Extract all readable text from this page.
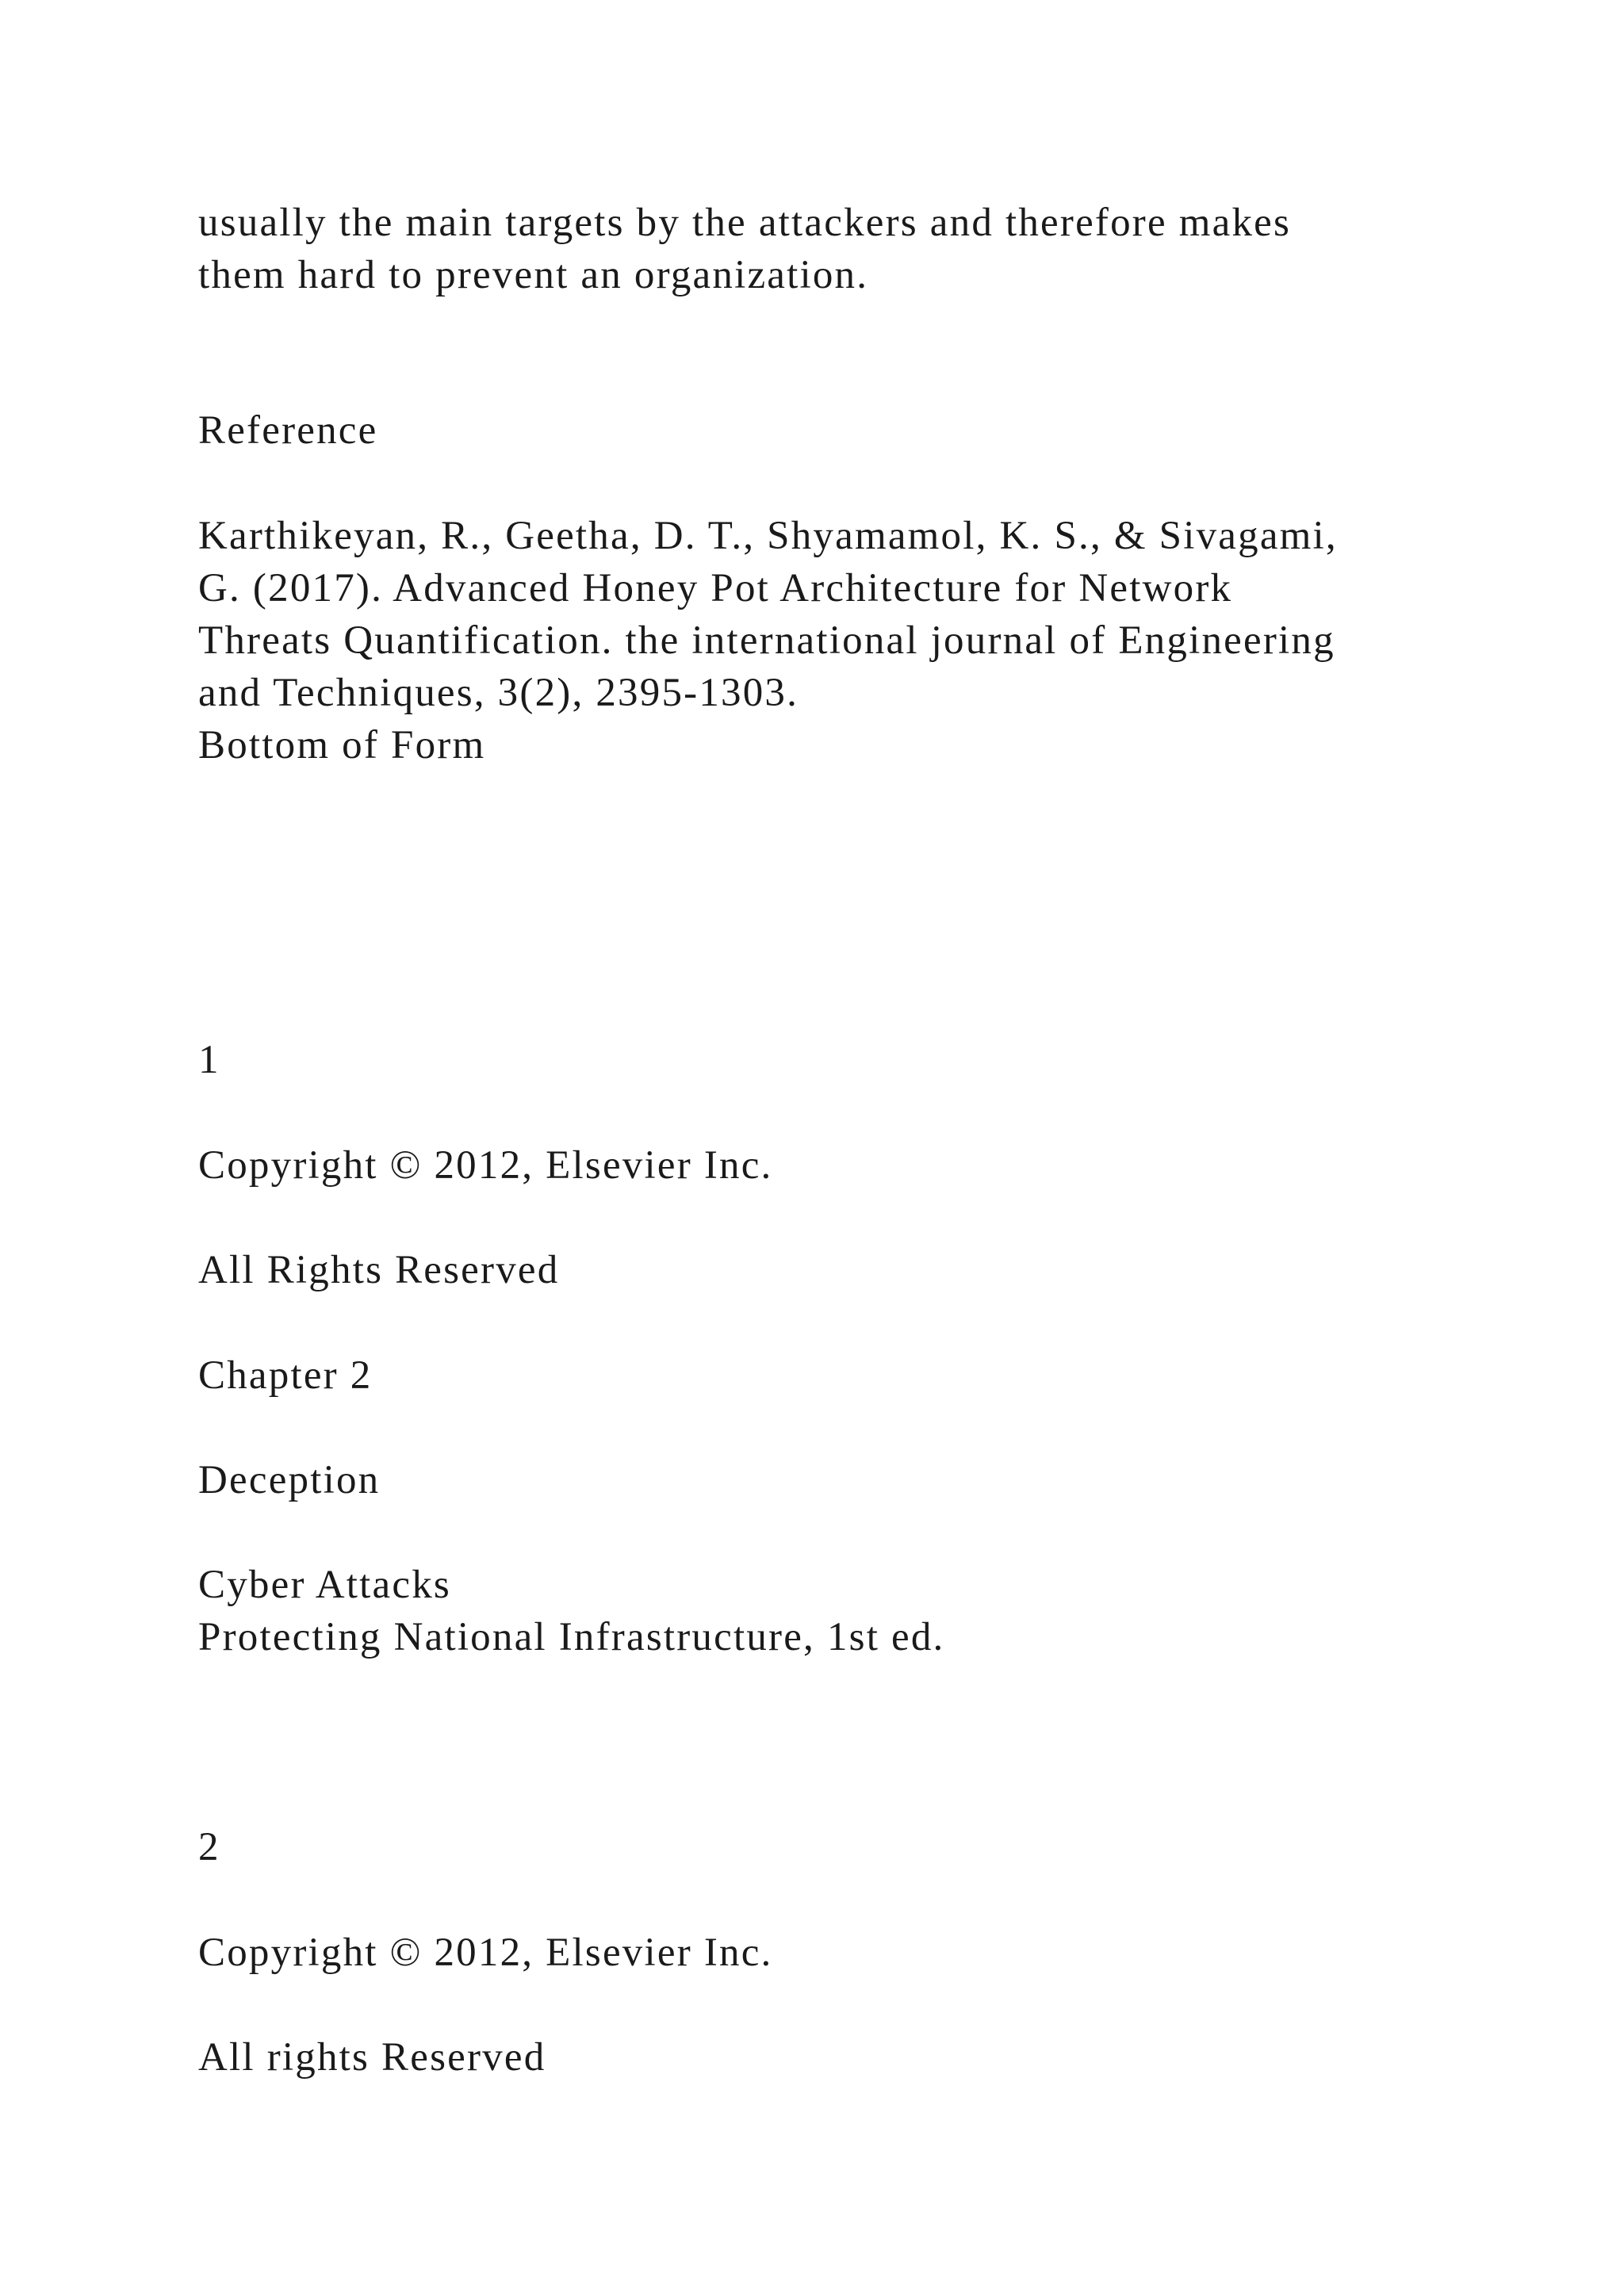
usually the main targets by the attackers and therefore makes

them hard to prevent an organization.

Reference

Karthikeyan, R., Geetha, D. T., Shyamamol, K. S., & Sivagami,

G. (2017). Advanced Honey Pot Architecture for Network

Threats Quantification. the international journal of Engineering

and Techniques, 3(2), 2395-1303.

Bottom of Form

1

Copyright © 2012, Elsevier Inc.

All Rights Reserved

Chapter 2

Deception

Cyber Attacks

Protecting National Infrastructure, 1st ed.

2

Copyright © 2012, Elsevier Inc.

All rights Reserved
